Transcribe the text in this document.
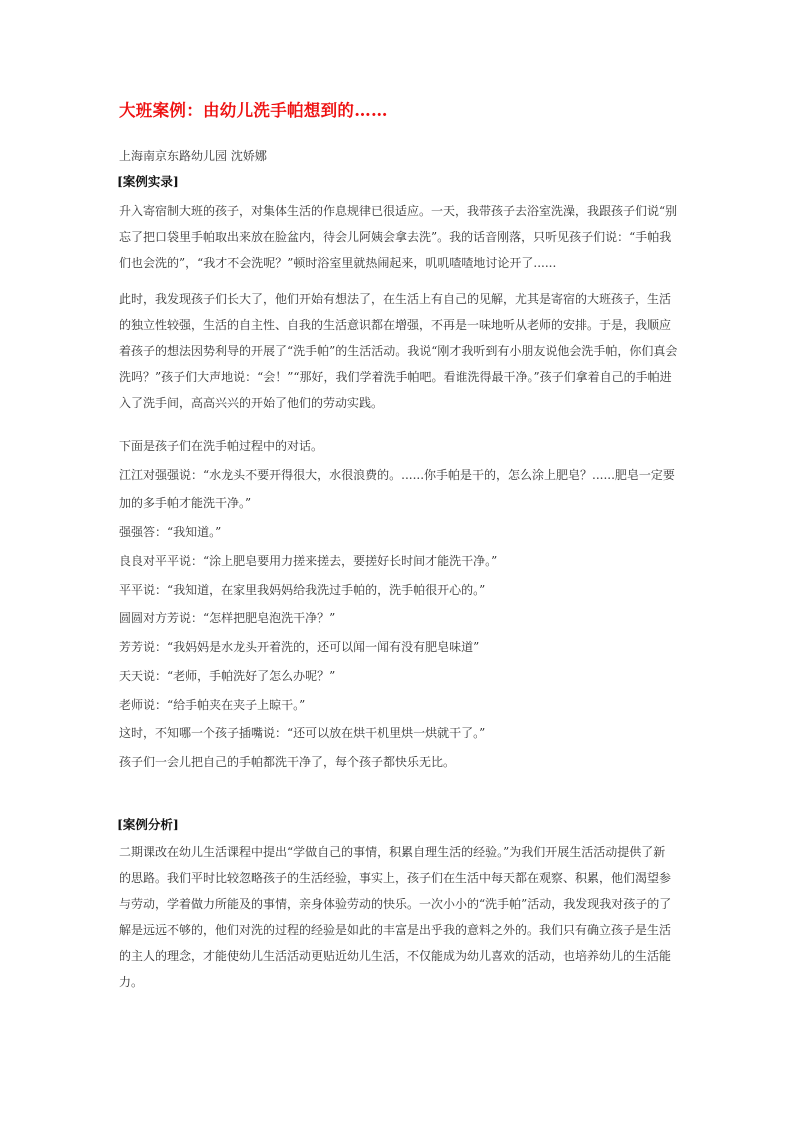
大班案例：由幼儿洗手帕想到的……
上海南京东路幼儿园 沈娇娜
[案例实录]
升入寄宿制大班的孩子，对集体生活的作息规律已很适应。一天，我带孩子去浴室洗澡，我跟孩子们说“别
忘了把口袋里手帕取出来放在脸盆内，待会儿阿姨会拿去洗”。我的话音刚落，只听见孩子们说：“手帕我
们也会洗的”，“我才不会洗呢？”顿时浴室里就热闹起来，叽叽喳喳地讨论开了......
此时，我发现孩子们长大了，他们开始有想法了，在生活上有自己的见解，尤其是寄宿的大班孩子，生活
的独立性较强，生活的自主性、自我的生活意识都在增强，不再是一味地听从老师的安排。于是，我顺应
着孩子的想法因势利导的开展了“洗手帕”的生活活动。我说“刚才我听到有小朋友说他会洗手帕，你们真会
洗吗？”孩子们大声地说：“会！”“那好，我们学着洗手帕吧。看谁洗得最干净。”孩子们拿着自己的手帕进
入了洗手间，高高兴兴的开始了他们的劳动实践。
下面是孩子们在洗手帕过程中的对话。
江江对强强说：“水龙头不要开得很大，水很浪费的。......你手帕是干的，怎么涂上肥皂？......肥皂一定要
加的多手帕才能洗干净。”
强强答：“我知道。”
良良对平平说：“涂上肥皂要用力搓来搓去，要搓好长时间才能洗干净。”
平平说：“我知道，在家里我妈妈给我洗过手帕的，洗手帕很开心的。”
圆圆对方芳说：“怎样把肥皂泡洗干净？”
芳芳说：“我妈妈是水龙头开着洗的，还可以闻一闻有没有肥皂味道”
天天说：“老师，手帕洗好了怎么办呢？”
老师说：“给手帕夹在夹子上晾干。”
这时，不知哪一个孩子插嘴说：“还可以放在烘干机里烘一烘就干了。”
孩子们一会儿把自己的手帕都洗干净了，每个孩子都快乐无比。
[案例分析]
二期课改在幼儿生活课程中提出“学做自己的事情，积累自理生活的经验。”为我们开展生活活动提供了新
的思路。我们平时比较忽略孩子的生活经验，事实上，孩子们在生活中每天都在观察、积累，他们渴望参
与劳动，学着做力所能及的事情，亲身体验劳动的快乐。一次小小的“洗手帕”活动，我发现我对孩子的了
解是远远不够的，他们对洗的过程的经验是如此的丰富是出乎我的意料之外的。我们只有确立孩子是生活
的主人的理念，才能使幼儿生活活动更贴近幼儿生活，不仅能成为幼儿喜欢的活动，也培养幼儿的生活能
力。
